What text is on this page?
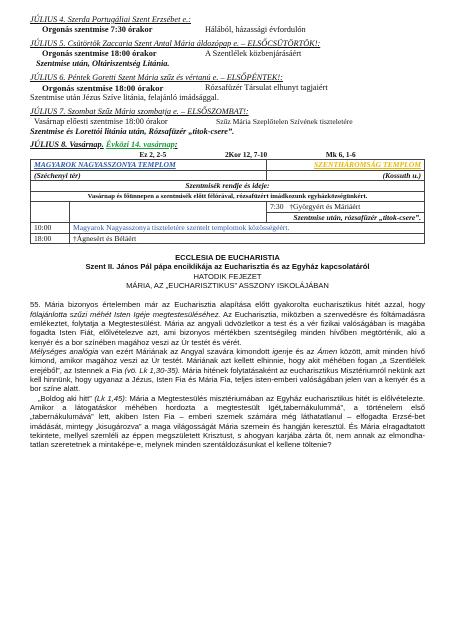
JÚLIUS 4. Szerda Portugáliai Szent Erzsébet e.:
Orgonás szentmise 7:30 órakor	Hálából, házassági évfordulón
JÚLIUS 5. Csütörtök Zaccaria Szent Antal Mária áldozópap e. – ELSŐCSÜTÖRTÖK!:
Orgonás szentmise 18:00 órakor	A Szentlélek közbenjárásáért
Szentmise után, Oltáriszentség Litánia.
JÚLIUS 6. Péntek Goretti Szent Mária szűz és vértanú e. – ELSŐPÉNTEK!:
Orgonás szentmise 18:00 órakor	Rózsafüzér Társulat elhunyt tagjaiért
Szentmise után Jézus Szíve litánia, felajánló imádsággal.
JÚLIUS 7. Szombat Szűz Mária szombatja e. – ELSŐSZOMBAT!:
Vasárnap előesti szentmise 18:00 órakor	Szűz Mária Szeplőtelen Szívének tiszteletére
Szentmise és Lorettói litánia után, Rózsafüzér „titok-csere”.
JÚLIUS 8. Vasárnap. Évközi 14. vasárnap:
Ez 2, 2-5	2Kor 12, 7-10	Mk 6, 1-6
MAGYAROK NAGYASSZONYA TEMPLOM		SZENTHÁROMSÁG TEMPLOM
(Széchenyi tér)		(Kossuth u.)
Szentmisék rendje és ideje:		
Vasárnap és főünnepen a szentmisék előtt félórával, rózsafüzért imádkozunk egyházközségünkért.		
		7:30 †Györgyért és Máriáért
		Szentmise után, rózsafüzér „titok-csere”.
10:00	Magyarok Nagyasszonya tiszteletére szentelt templomok közösségéért.	
18:00	†Ágnesért és Béláért	
ECCLESIA DE EUCHARISTIA
Szent II. János Pál pápa enciklikája az Eucharisztia és az Egyház kapcsolatáról
HATODIK FEJEZET
MÁRIA, AZ „EUCHARISZTIKUS” ASSZONY ISKOLÁJÁBAN

55. Mária bizonyos értelemben már az Eucharisztia alapítása előtt gyakorolta eucharisztikus hitét azzal, hogy fölajánlotta szűzi méhét Isten Igéje megtestesüléséhez. Az Eucharisztia, miközben a szenvedésre és föltámadásra emlékeztet, folytatja a Megtestesülést. Mária az angyali üdvözletkor a test és a vér fizikai valóságában is magába fogadta Isten Fiát, előlvételezve azt, ami bizonyos mértékben szentségileg minden hívőben megtörténik, aki a kenyér és a bor színében magához veszi az Úr testét és vérét.

Mélységes analógia van ezért Máriának az Angyal szavára kimondott igenje és az Ámen között, amit minden hívő kimond, amikor magához veszi az Úr testét. Máriának azt kellett elhinnie, hogy akit méhében fogan „a Szentlélek erejéből”, az Istennek a Fia (vö. Lk 1,30-35). Mária hitének folytatásaként az eucharisztikus Misztériumról nekünk azt kell hinnünk, hogy ugyanaz a Jézus, Isten Fia és Mária Fia, teljes isten-emberi valóságában jelen van a kenyér és a bor színe alatt.

„Boldog aki hitt” (Lk 1,45): Mária a Megtestesülés misztériumában az Egyház eucharisztikus hitét is előlvételezte. Amikor a látogatáskor méhében hordozta a megtestesült Igét„tabernákulummá”, a történelem első „tabernákulumává” lett, akiben Isten Fia – emberi szemek számára még láthatatlanul – elfogadta Erzsé-bet imádását, mintegy „kisugározva” a maga világosságát Mária szemein és hangján keresztül. És Mária elragadtatott tekintete, mellyel szemléli az éppen megszületett Krisztust, s ahogyan karjába zárta őt, nem annak az elmondha-tatlan szeretetnek a mintaképe-e, melynek minden szentáldozásunkat el kellene töltenie?
